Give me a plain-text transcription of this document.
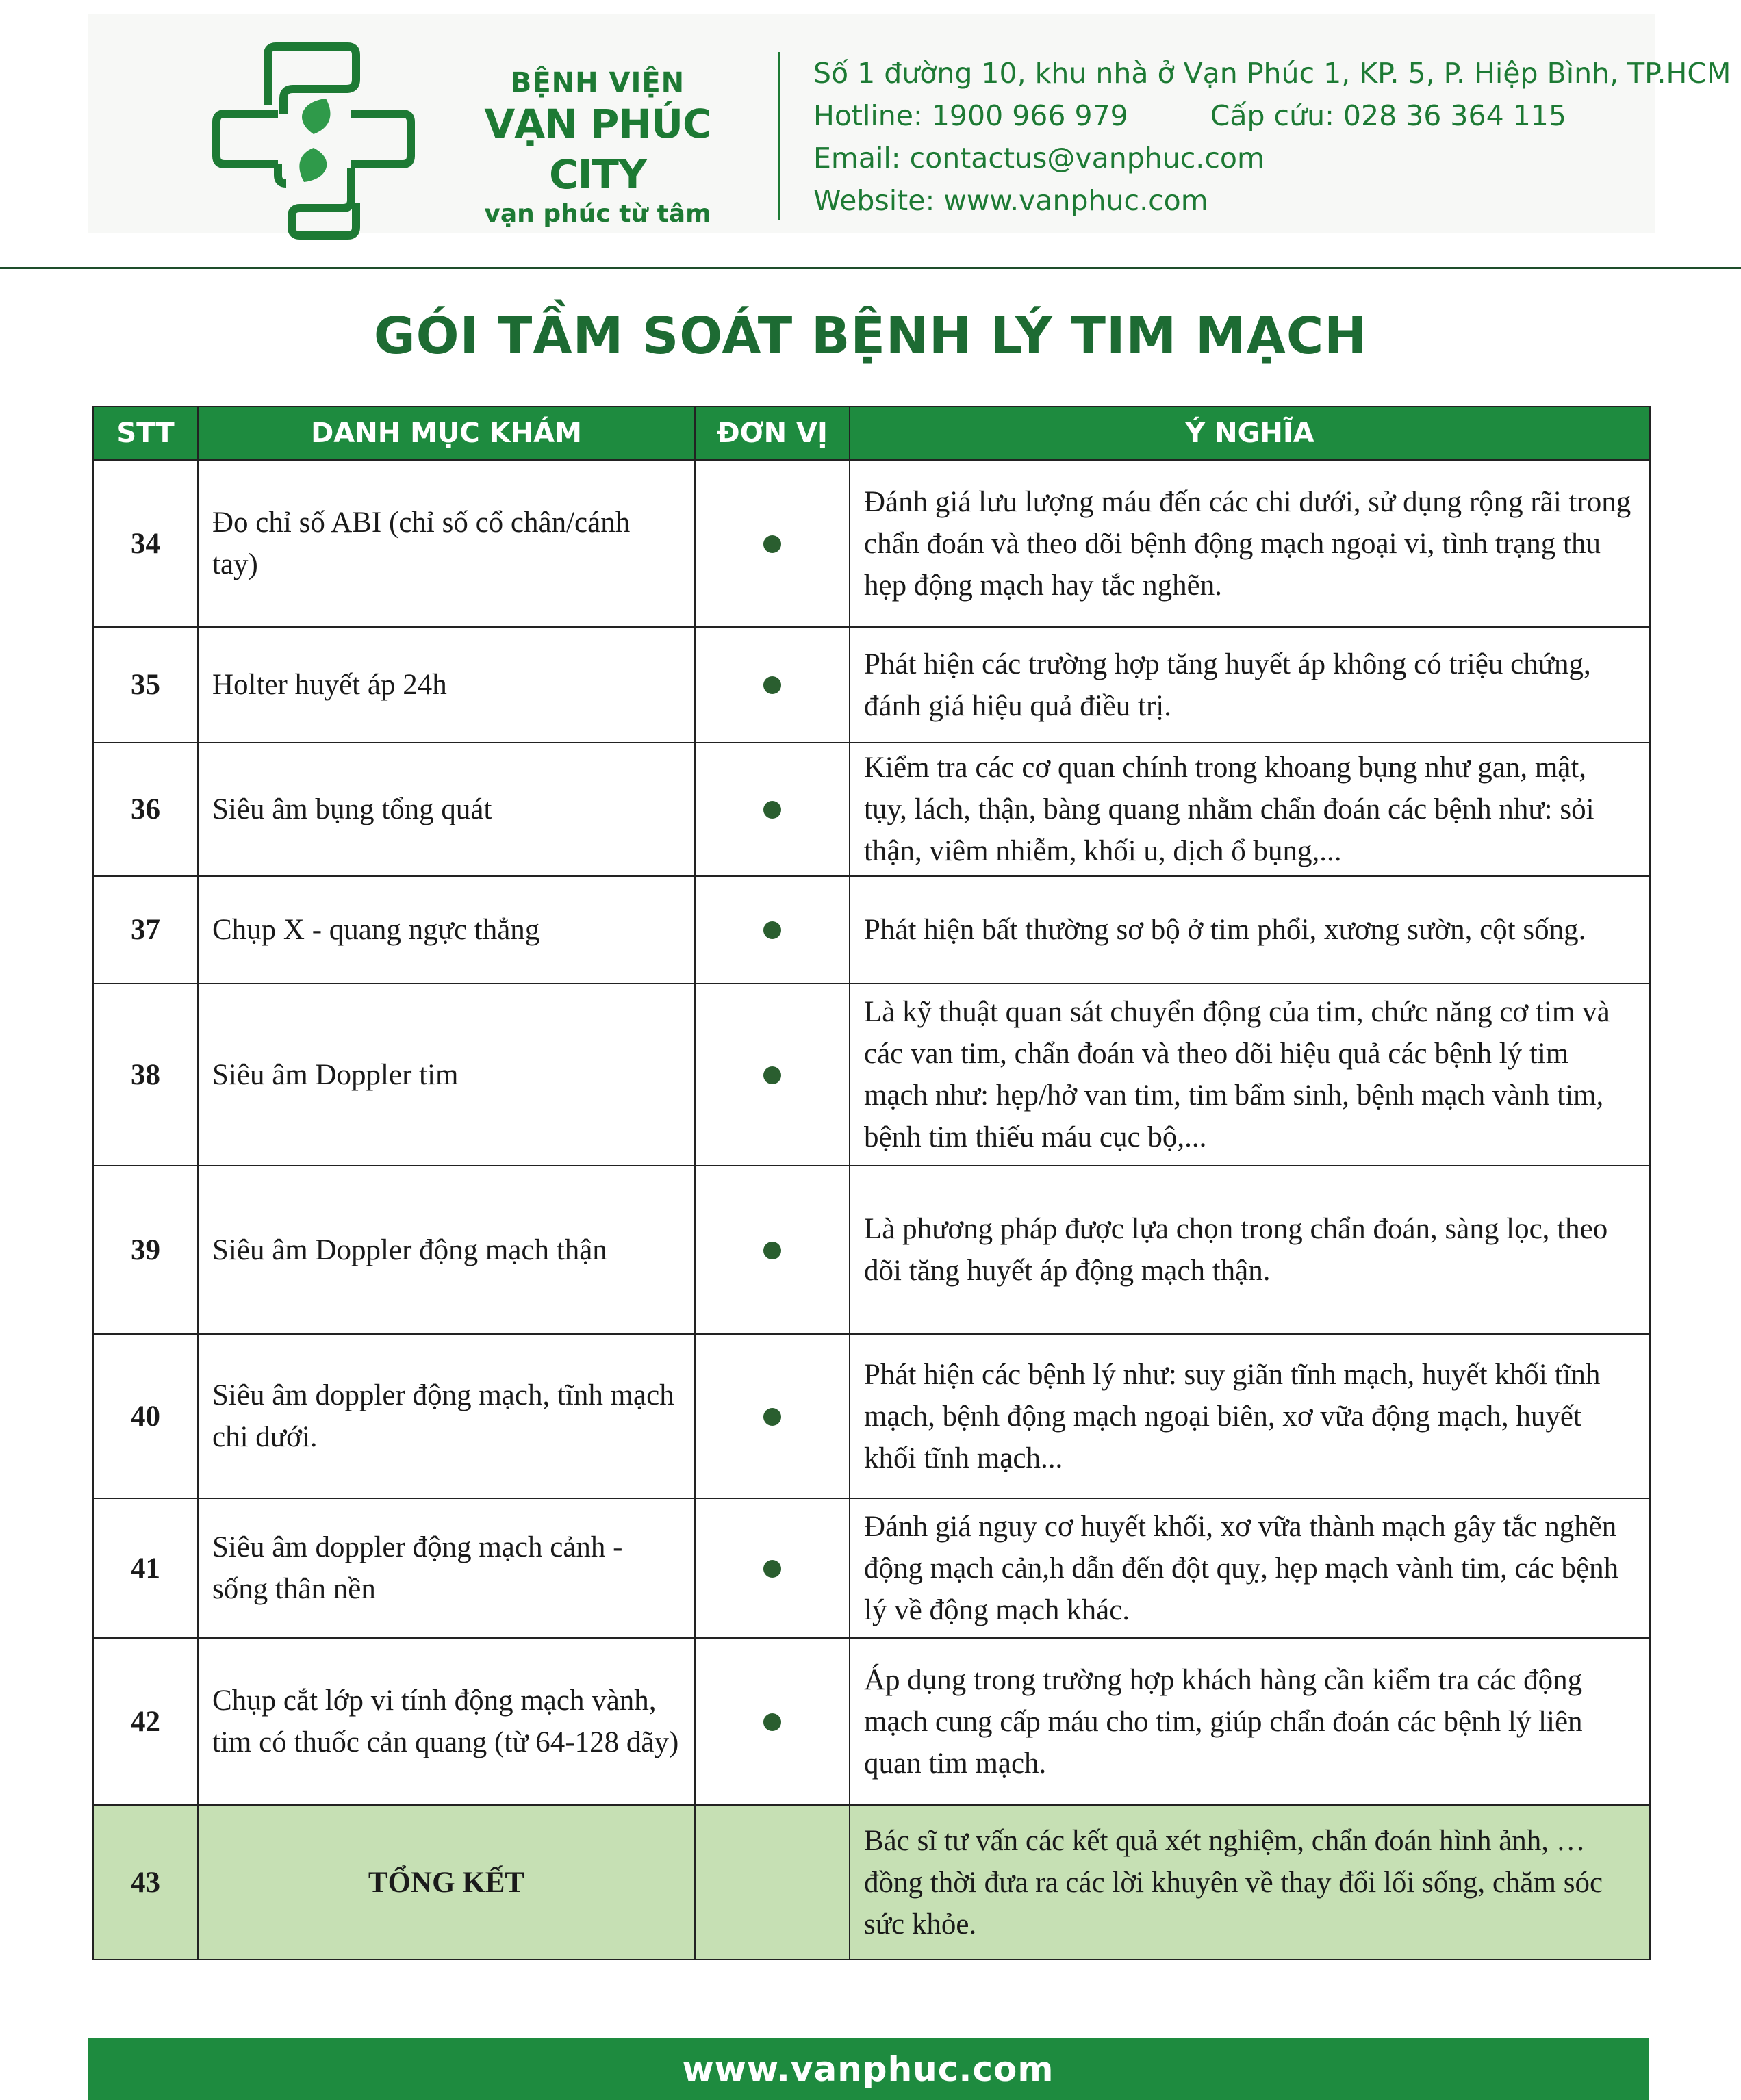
BỆNH VIỆN
VẠN PHÚC CITY
vạn phúc từ tâm
Số 1 đường 10, khu nhà ở Vạn Phúc 1, KP. 5, P. Hiệp Bình, TP.HCM
Hotline: 1900 966 979	Cấp cứu: 028 36 364 115
Email: contactus@vanphuc.com
Website: www.vanphuc.com
GÓI TẦM SOÁT BỆNH LÝ TIM MẠCH
STT	DANH MỤC KHÁM	ĐƠN VỊ	Ý NGHĨA
34	Đo chỉ số ABI (chỉ số cổ chân/cánh tay)		Đánh giá lưu lượng máu đến các chi dưới, sử dụng rộng rãi trong chẩn đoán và theo dõi bệnh động mạch ngoại vi, tình trạng thu hẹp động mạch hay tắc nghẽn.
35	Holter huyết áp 24h		Phát hiện các trường hợp tăng huyết áp không có triệu chứng, đánh giá hiệu quả điều trị.
36	Siêu âm bụng tổng quát		Kiểm tra các cơ quan chính trong khoang bụng như gan, mật, tụy, lách, thận, bàng quang nhằm chẩn đoán các bệnh như: sỏi thận, viêm nhiễm, khối u, dịch ổ bụng,...
37	Chụp X - quang ngực thẳng		Phát hiện bất thường sơ bộ ở tim phổi, xương sườn, cột sống.
38	Siêu âm Doppler tim		Là kỹ thuật quan sát chuyển động của tim, chức năng cơ tim và các van tim, chẩn đoán và theo dõi hiệu quả các bệnh lý tim mạch như: hẹp/hở van tim, tim bẩm sinh, bệnh mạch vành tim, bệnh tim thiếu máu cục bộ,...
39	Siêu âm Doppler động mạch thận		Là phương pháp được lựa chọn trong chẩn đoán, sàng lọc, theo dõi tăng huyết áp động mạch thận.
40	Siêu âm doppler động mạch, tĩnh mạch chi dưới.		Phát hiện các bệnh lý như: suy giãn tĩnh mạch, huyết khối tĩnh mạch, bệnh động mạch ngoại biên, xơ vữa động mạch, huyết khối tĩnh mạch...
41	Siêu âm doppler động mạch cảnh - sống thân nền		Đánh giá nguy cơ huyết khối, xơ vữa thành mạch gây tắc nghẽn động mạch cản,h dẫn đến đột quỵ, hẹp mạch vành tim, các bệnh lý về động mạch khác.
42	Chụp cắt lớp vi tính động mạch vành, tim có thuốc cản quang (từ 64-128 dãy)		Áp dụng trong trường hợp khách hàng cần kiểm tra các động mạch cung cấp máu cho tim, giúp chẩn đoán các bệnh lý liên quan tim mạch.
43	TỔNG KẾT		Bác sĩ tư vấn các kết quả xét nghiệm, chẩn đoán hình ảnh, … đồng thời đưa ra các lời khuyên về thay đổi lối sống, chăm sóc sức khỏe.
www.vanphuc.com
